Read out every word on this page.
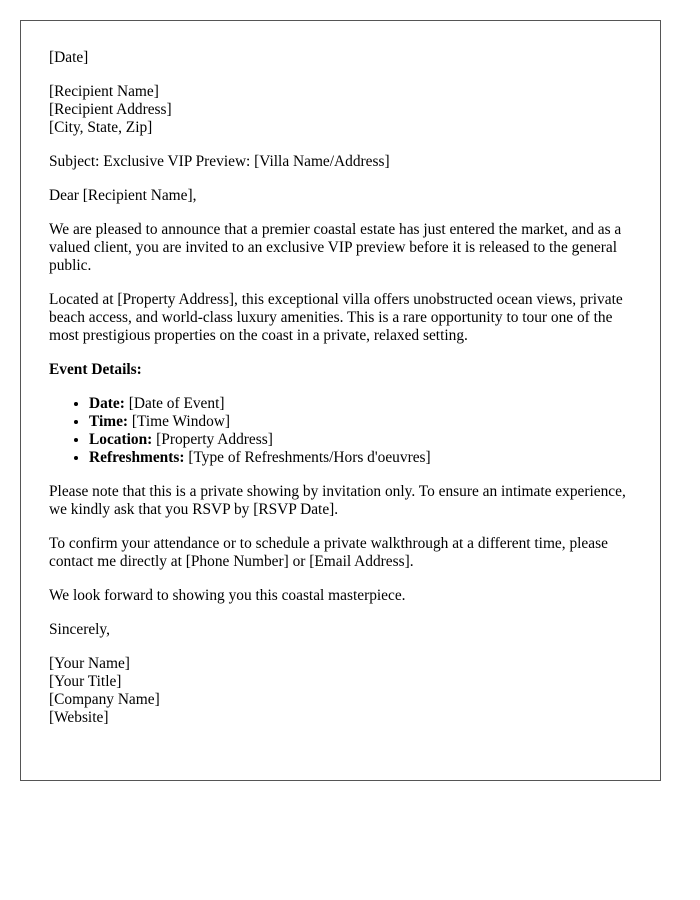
[Date]

[Recipient Name]
[Recipient Address]
[City, State, Zip]

Subject: Exclusive VIP Preview: [Villa Name/Address]

Dear [Recipient Name],

We are pleased to announce that a premier coastal estate has just entered the market, and as a valued client, you are invited to an exclusive VIP preview before it is released to the general public.

Located at [Property Address], this exceptional villa offers unobstructed ocean views, private beach access, and world-class luxury amenities. This is a rare opportunity to tour one of the most prestigious properties on the coast in a private, relaxed setting.

Event Details:

• Date: [Date of Event]
• Time: [Time Window]
• Location: [Property Address]
• Refreshments: [Type of Refreshments/Hors d'oeuvres]

Please note that this is a private showing by invitation only. To ensure an intimate experience, we kindly ask that you RSVP by [RSVP Date].

To confirm your attendance or to schedule a private walkthrough at a different time, please contact me directly at [Phone Number] or [Email Address].

We look forward to showing you this coastal masterpiece.

Sincerely,

[Your Name]
[Your Title]
[Company Name]
[Website]
